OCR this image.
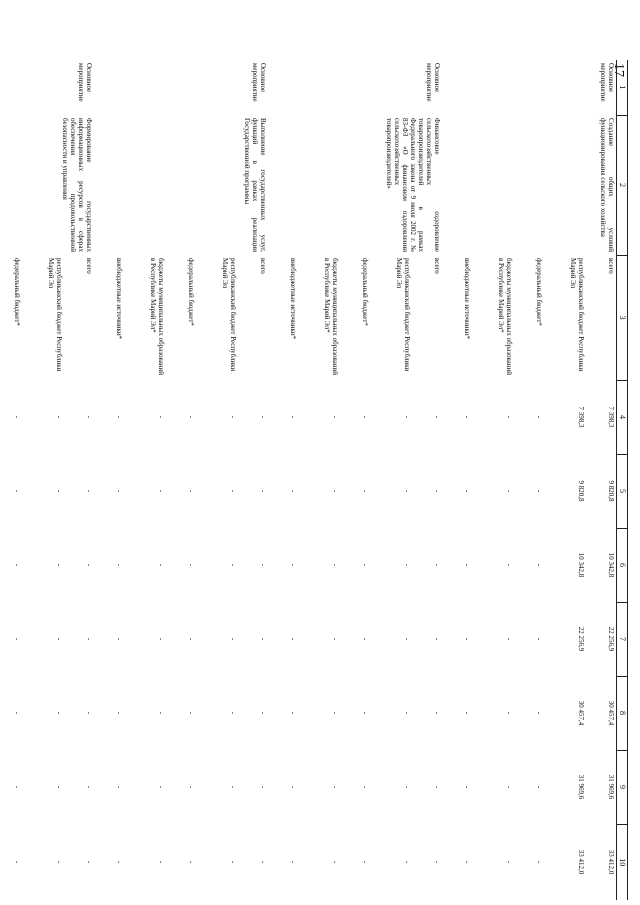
17
1	2	3	4	5	6	7	8	9	10
Основное мероприятие	Создание общих условий функционирования сельского хозяйства	всего	7 398,3	9 820,8	10 342,8	22 256,9	30 457,4	31 969,6	33 412,0
		республиканский бюджет Республики Марий Эл	7 398,3	9 820,8	10 342,8	22 256,9	30 457,4	31 969,6	33 412,0
		федеральный бюджет*	-	-	-	-	-	-	-
		бюджеты муниципальных образований в Республике Марий Эл*	-	-	-	-	-	-	-
		внебюджетные источники*	-	-	-	-	-	-	-
Основное мероприятие	Финансовое оздоровление сельскохозяйственных товаропроизводителей в рамках Федерального закона от 9 июля 2002 г. № 83-ФЗ «О финансовом оздоровлении сельскохозяйственных товаропроизводителей»	всего	-	-	-	-	-	-	-
		республиканский бюджет Республики Марий Эл	-	-	-	-	-	-	-
		федеральный бюджет*	-	-	-	-	-	-	-
		бюджеты муниципальных образований в Республике Марий Эл*	-	-	-	-	-	-	-
		внебюджетные источники*	-	-	-	-	-	-	-
Основное мероприятие	Выполнение государственных услуг, функций в рамках реализации Государственной программы	всего	-	-	-	-	-	-	-
		республиканский бюджет Республики Марий Эл	-	-	-	-	-	-	-
		федеральный бюджет*	-	-	-	-	-	-	-
		бюджеты муниципальных образований в Республике Марий Эл*	-	-	-	-	-	-	-
		внебюджетные источники*	-	-	-	-	-	-	-
Основное мероприятие	Формирование государственных информационных ресурсов в сферах обеспечения продовольственной безопасности и управления	всего	-	-	-	-	-	-	-
		республиканский бюджет Республики Марий Эл	-	-	-	-	-	-	-
		федеральный бюджет*	-	-	-	-	-	-	-
